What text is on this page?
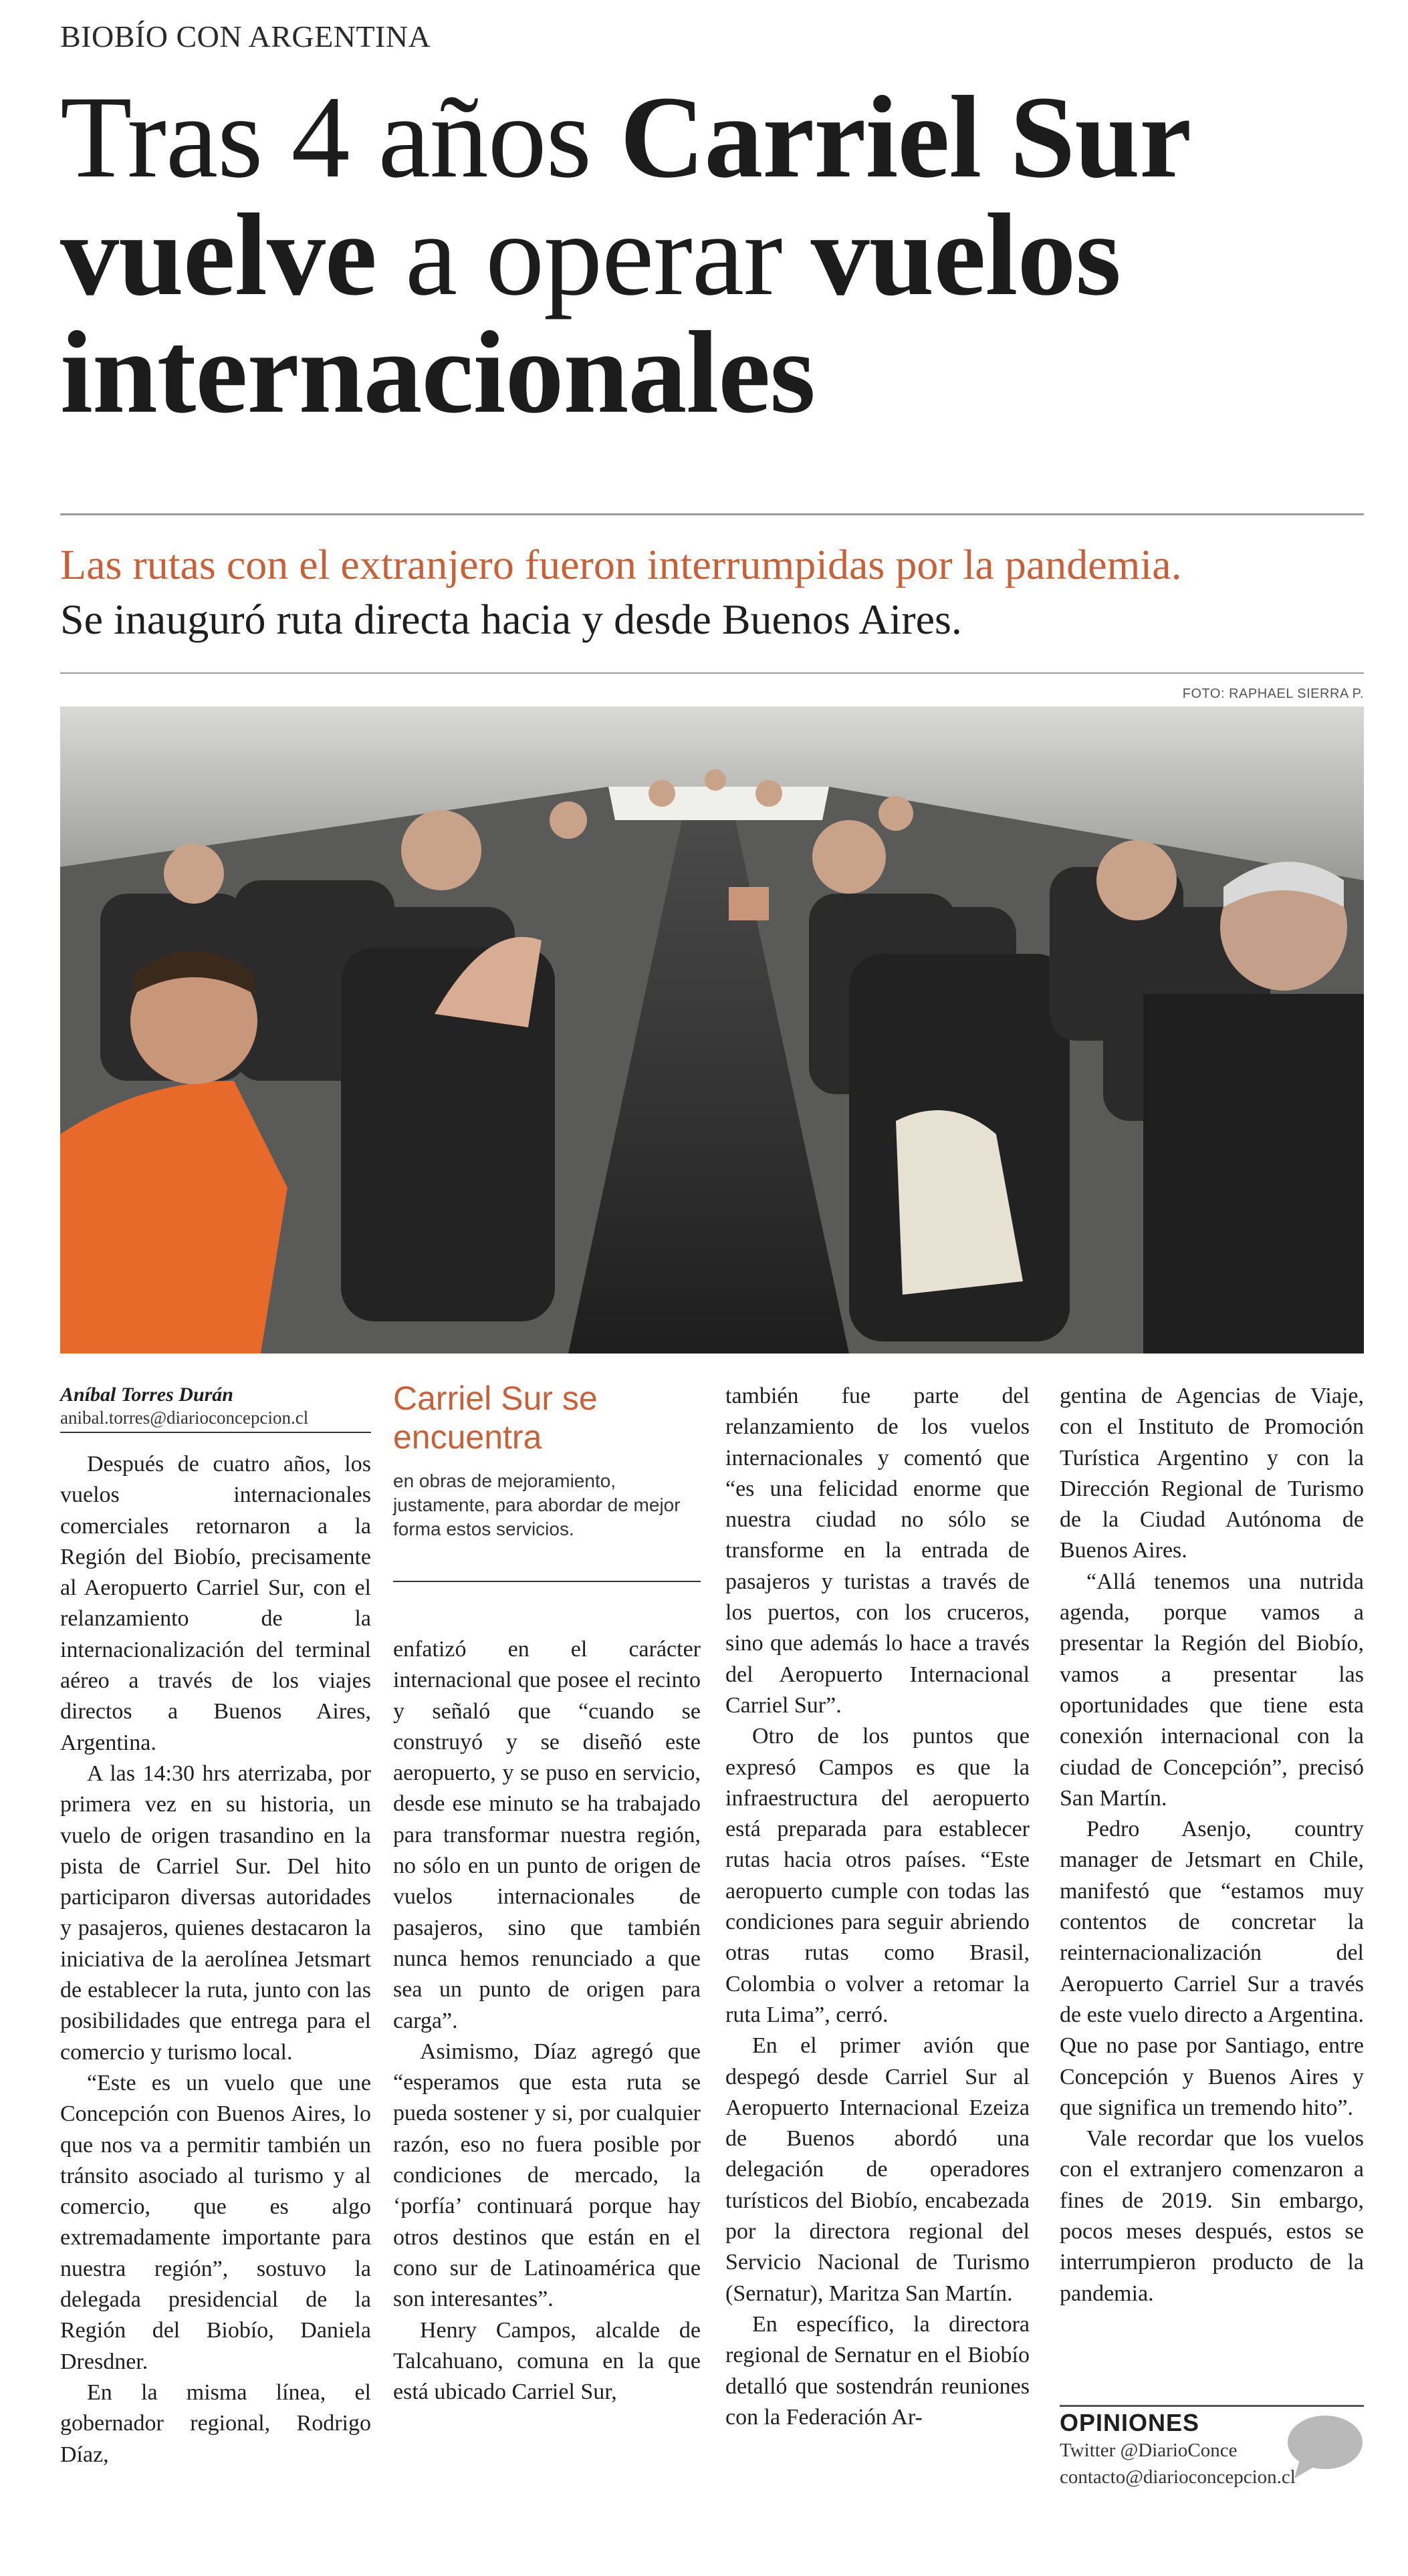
BIOBÍO CON ARGENTINA
Tras 4 años Carriel Sur vuelve a operar vuelos internacionales
Las rutas con el extranjero fueron interrumpidas por la pandemia.
Se inauguró ruta directa hacia y desde Buenos Aires.
FOTO: RAPHAEL SIERRA P.
Aníbal Torres Durán
anibal.torres@diarioconcepcion.cl

Después de cuatro años, los vuelos internacionales comerciales retornaron a la Región del Biobío, precisamente al Aeropuerto Carriel Sur, con el relanzamiento de la internacionalización del terminal aéreo a través de los viajes directos a Buenos Aires, Argentina.

A las 14:30 hrs aterrizaba, por primera vez en su historia, un vuelo de origen trasandino en la pista de Carriel Sur. Del hito participaron diversas autoridades y pasajeros, quienes destacaron la iniciativa de la aerolínea Jetsmart de establecer la ruta, junto con las posibilidades que entrega para el comercio y turismo local.

“Este es un vuelo que une Concepción con Buenos Aires, lo que nos va a permitir también un tránsito asociado al turismo y al comercio, que es algo extremadamente importante para nuestra región”, sostuvo la delegada presidencial de la Región del Biobío, Daniela Dresdner.

En la misma línea, el gobernador regional, Rodrigo Díaz,

Carriel Sur se encuentra
en obras de mejoramiento, justamente, para abordar de mejor forma estos servicios.

enfatizó en el carácter internacional que posee el recinto y señaló que “cuando se construyó y se diseñó este aeropuerto, y se puso en servicio, desde ese minuto se ha trabajado para transformar nuestra región, no sólo en un punto de origen de vuelos internacionales de pasajeros, sino que también nunca hemos renunciado a que sea un punto de origen para carga”.

Asimismo, Díaz agregó que “esperamos que esta ruta se pueda sostener y si, por cualquier razón, eso no fuera posible por condiciones de mercado, la ‘porfía’ continuará porque hay otros destinos que están en el cono sur de Latinoamérica que son interesantes”.

Henry Campos, alcalde de Talcahuano, comuna en la que está ubicado Carriel Sur,

también fue parte del relanzamiento de los vuelos internacionales y comentó que “es una felicidad enorme que nuestra ciudad no sólo se transforme en la entrada de pasajeros y turistas a través de los puertos, con los cruceros, sino que además lo hace a través del Aeropuerto Internacional Carriel Sur”.

Otro de los puntos que expresó Campos es que la infraestructura del aeropuerto está preparada para establecer rutas hacia otros países. “Este aeropuerto cumple con todas las condiciones para seguir abriendo otras rutas como Brasil, Colombia o volver a retomar la ruta Lima”, cerró.

En el primer avión que despegó desde Carriel Sur al Aeropuerto Internacional Ezeiza de Buenos abordó una delegación de operadores turísticos del Biobío, encabezada por la directora regional del Servicio Nacional de Turismo (Sernatur), Maritza San Martín.

En específico, la directora regional de Sernatur en el Biobío detalló que sostendrán reuniones con la Federación Ar-

gentina de Agencias de Viaje, con el Instituto de Promoción Turística Argentino y con la Dirección Regional de Turismo de la Ciudad Autónoma de Buenos Aires.

“Allá tenemos una nutrida agenda, porque vamos a presentar la Región del Biobío, vamos a presentar las oportunidades que tiene esta conexión internacional con la ciudad de Concepción”, precisó San Martín.

Pedro Asenjo, country manager de Jetsmart en Chile, manifestó que “estamos muy contentos de concretar la reinternacionalización del Aeropuerto Carriel Sur a través de este vuelo directo a Argentina. Que no pase por Santiago, entre Concepción y Buenos Aires y que significa un tremendo hito”.

Vale recordar que los vuelos con el extranjero comenzaron a fines de 2019. Sin embargo, pocos meses después, estos se interrumpieron producto de la pandemia.

OPINIONES
Twitter @DiarioConce
contacto@diarioconcepcion.cl
